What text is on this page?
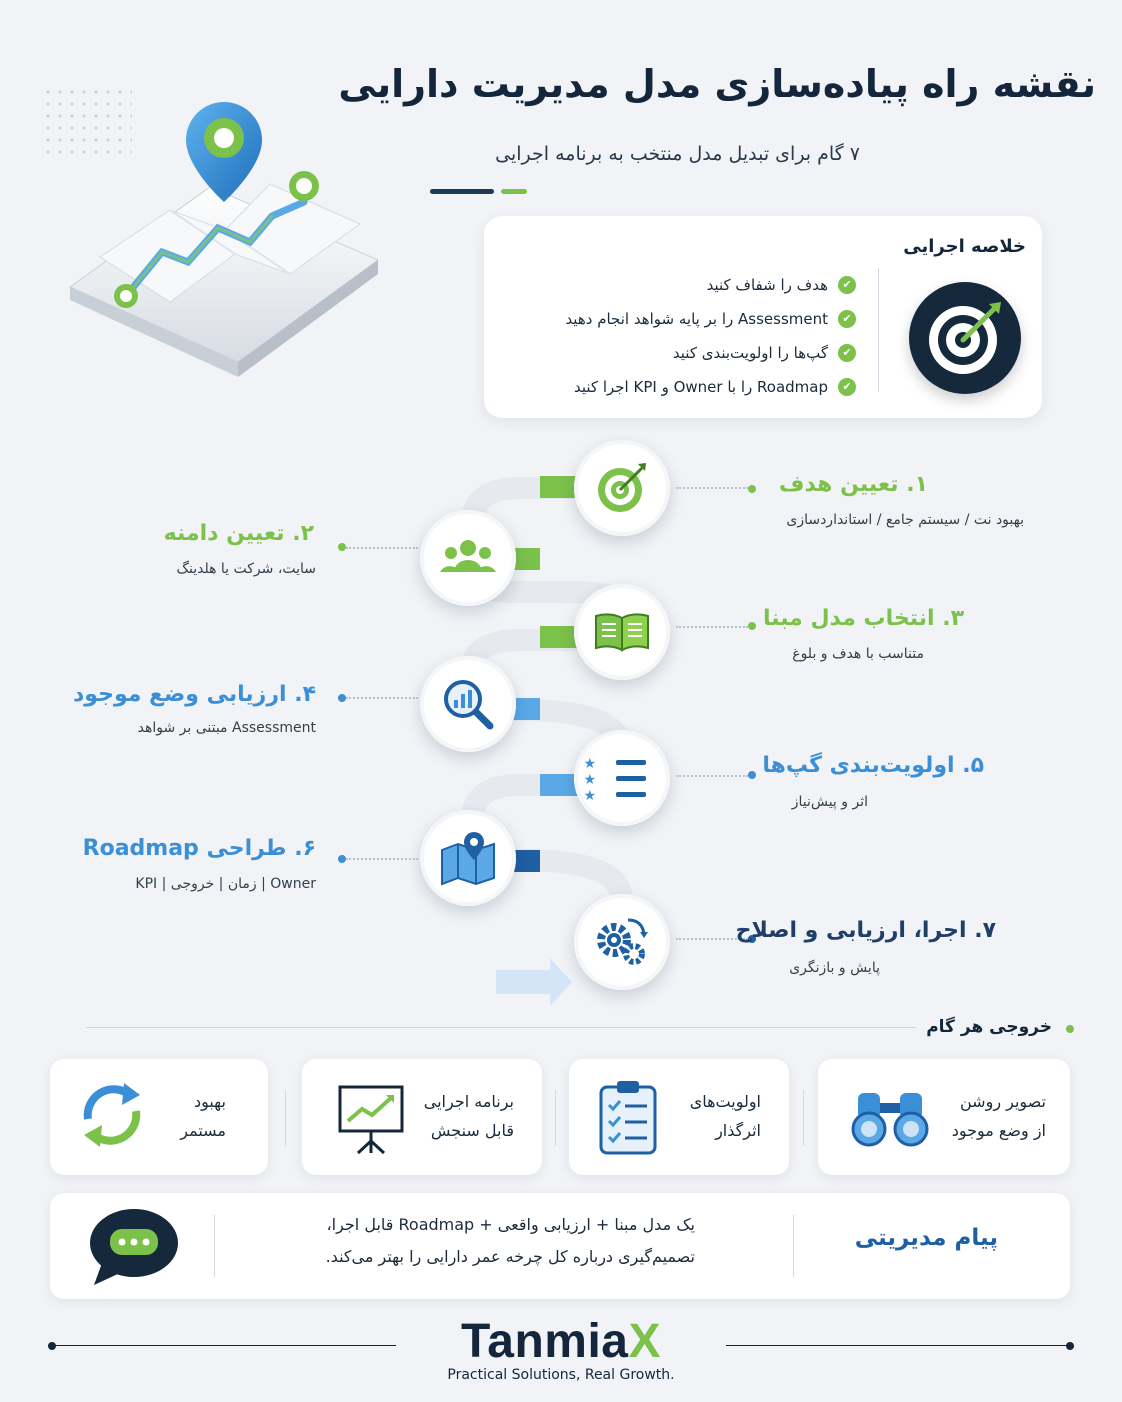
نقشه راه پیاده‌سازی مدل مدیریت دارایی
۷ گام برای تبدیل مدل منتخب به برنامه اجرایی
خلاصه اجرایی
✔
هدف را شفاف کنید
✔
Assessment را بر پایه شواهد انجام دهید
✔
گپ‌ها را اولویت‌بندی کنید
✔
Roadmap را با Owner و KPI اجرا کنید
★
★
★
۱. تعیین هدف
بهبود نت / سیستم جامع / استانداردسازی
۳. انتخاب مدل مبنا
متناسب با هدف و بلوغ
۵. اولویت‌بندی گپ‌ها
اثر و پیش‌نیاز
۷. اجرا، ارزیابی و اصلاح
پایش و بازنگری
۲. تعیین دامنه
سایت، شرکت یا هلدینگ
۴. ارزیابی وضع موجود
Assessment مبتنی بر شواهد
۶. طراحی Roadmap
Owner | زمان | خروجی | KPI
خروجی هر گام
تصویر روشن
از وضع موجود
اولویت‌های
اثرگذار
برنامه اجرایی
قابل سنجش
بهبود
مستمر
پیام مدیریتی
یک مدل مبنا + ارزیابی واقعی + Roadmap قابل اجرا،
تصمیم‌گیری درباره کل چرخه عمر دارایی را بهتر می‌کند.
TanmiaX
Practical Solutions, Real Growth.
